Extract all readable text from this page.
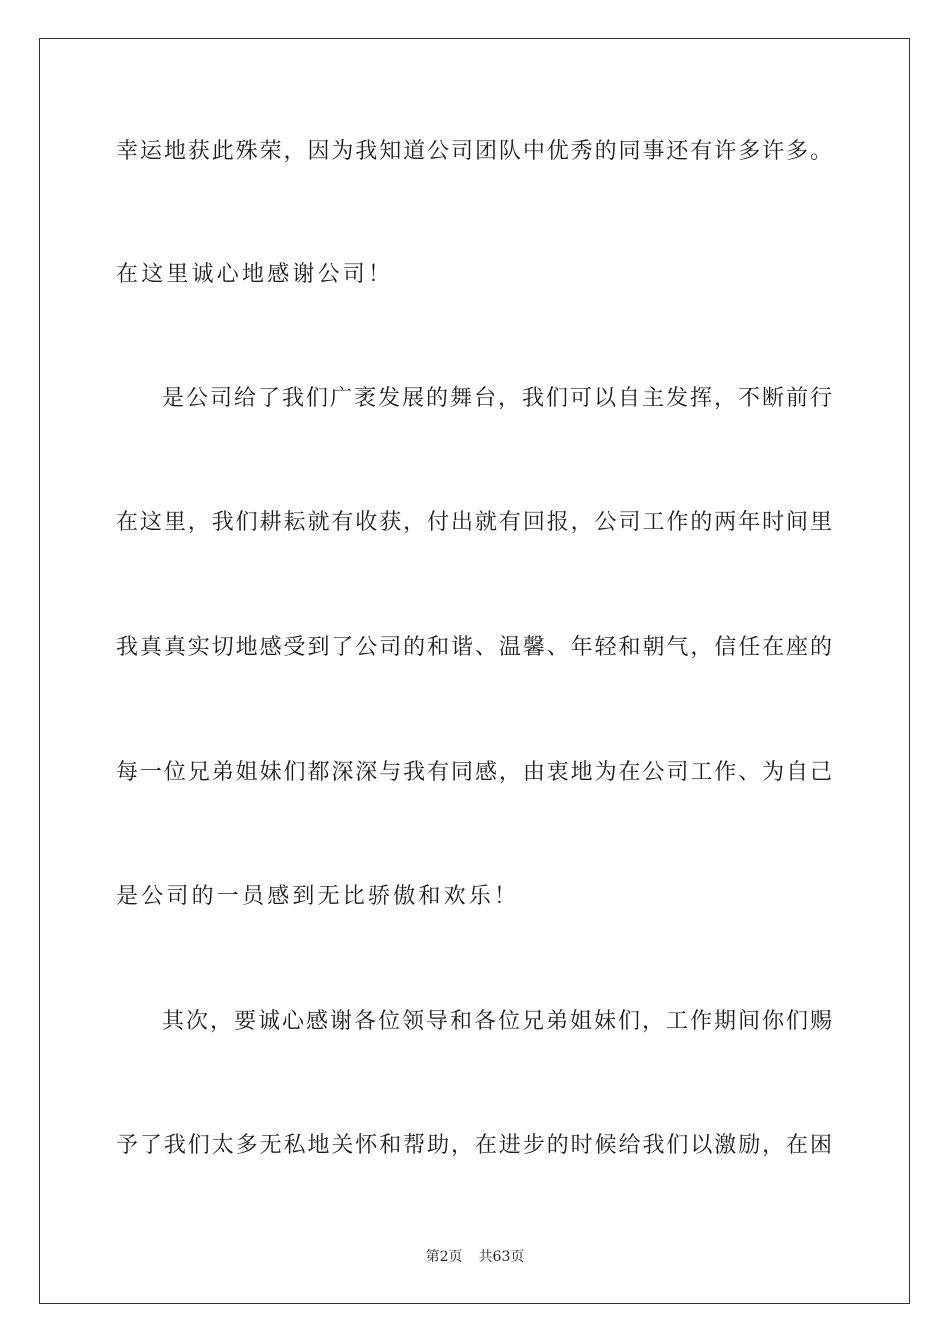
幸运地获此殊荣，因为我知道公司团队中优秀的同事还有许多许多。
在这里诚心地感谢公司！
是公司给了我们广袤发展的舞台，我们可以自主发挥，不断前行
在这里，我们耕耘就有收获，付出就有回报，公司工作的两年时间里
我真真实切地感受到了公司的和谐、温馨、年轻和朝气，信任在座的
每一位兄弟姐妹们都深深与我有同感，由衷地为在公司工作、为自己
是公司的一员感到无比骄傲和欢乐！
其次，要诚心感谢各位领导和各位兄弟姐妹们，工作期间你们赐
予了我们太多无私地关怀和帮助，在进步的时候给我们以激励，在困
第2页 共63页
